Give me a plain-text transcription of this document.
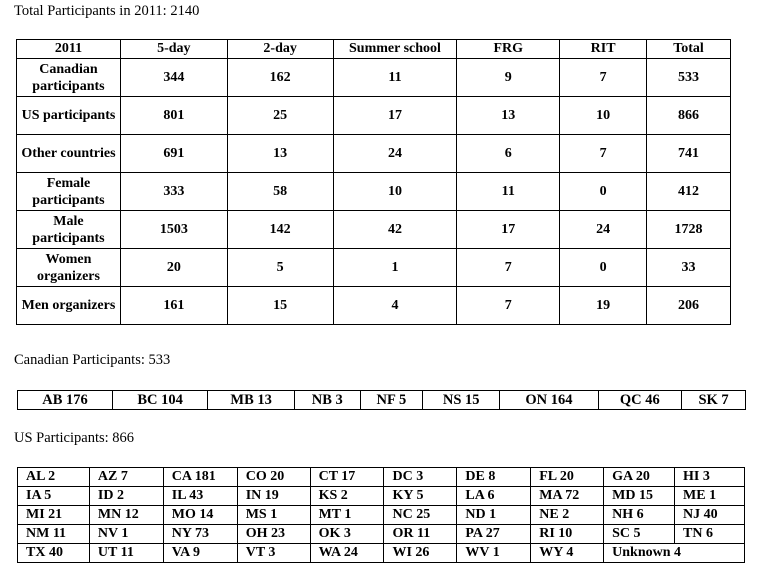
Total Participants in 2011: 2140
2011	5-day	2-day	Summer school	FRG	RIT	Total
Canadian participants	344	162	11	9	7	533
US participants	801	25	17	13	10	866
Other countries	691	13	24	6	7	741
Female participants	333	58	10	11	0	412
Male participants	1503	142	42	17	24	1728
Women organizers	20	5	1	7	0	33
Men organizers	161	15	4	7	19	206
Canadian Participants: 533
AB 176	BC 104	MB 13	NB 3	NF 5	NS 15	ON 164	QC 46	SK 7
US Participants: 866
AL 2	AZ 7	CA 181	CO 20	CT 17	DC 3	DE 8	FL 20	GA 20	HI 3
IA 5	ID 2	IL 43	IN 19	KS 2	KY 5	LA 6	MA 72	MD 15	ME 1
MI 21	MN 12	MO 14	MS 1	MT 1	NC 25	ND 1	NE 2	NH 6	NJ 40
NM 11	NV 1	NY 73	OH 23	OK 3	OR 11	PA 27	RI 10	SC 5	TN 6
TX 40	UT 11	VA 9	VT 3	WA 24	WI 26	WV 1	WY 4	Unknown 4	
